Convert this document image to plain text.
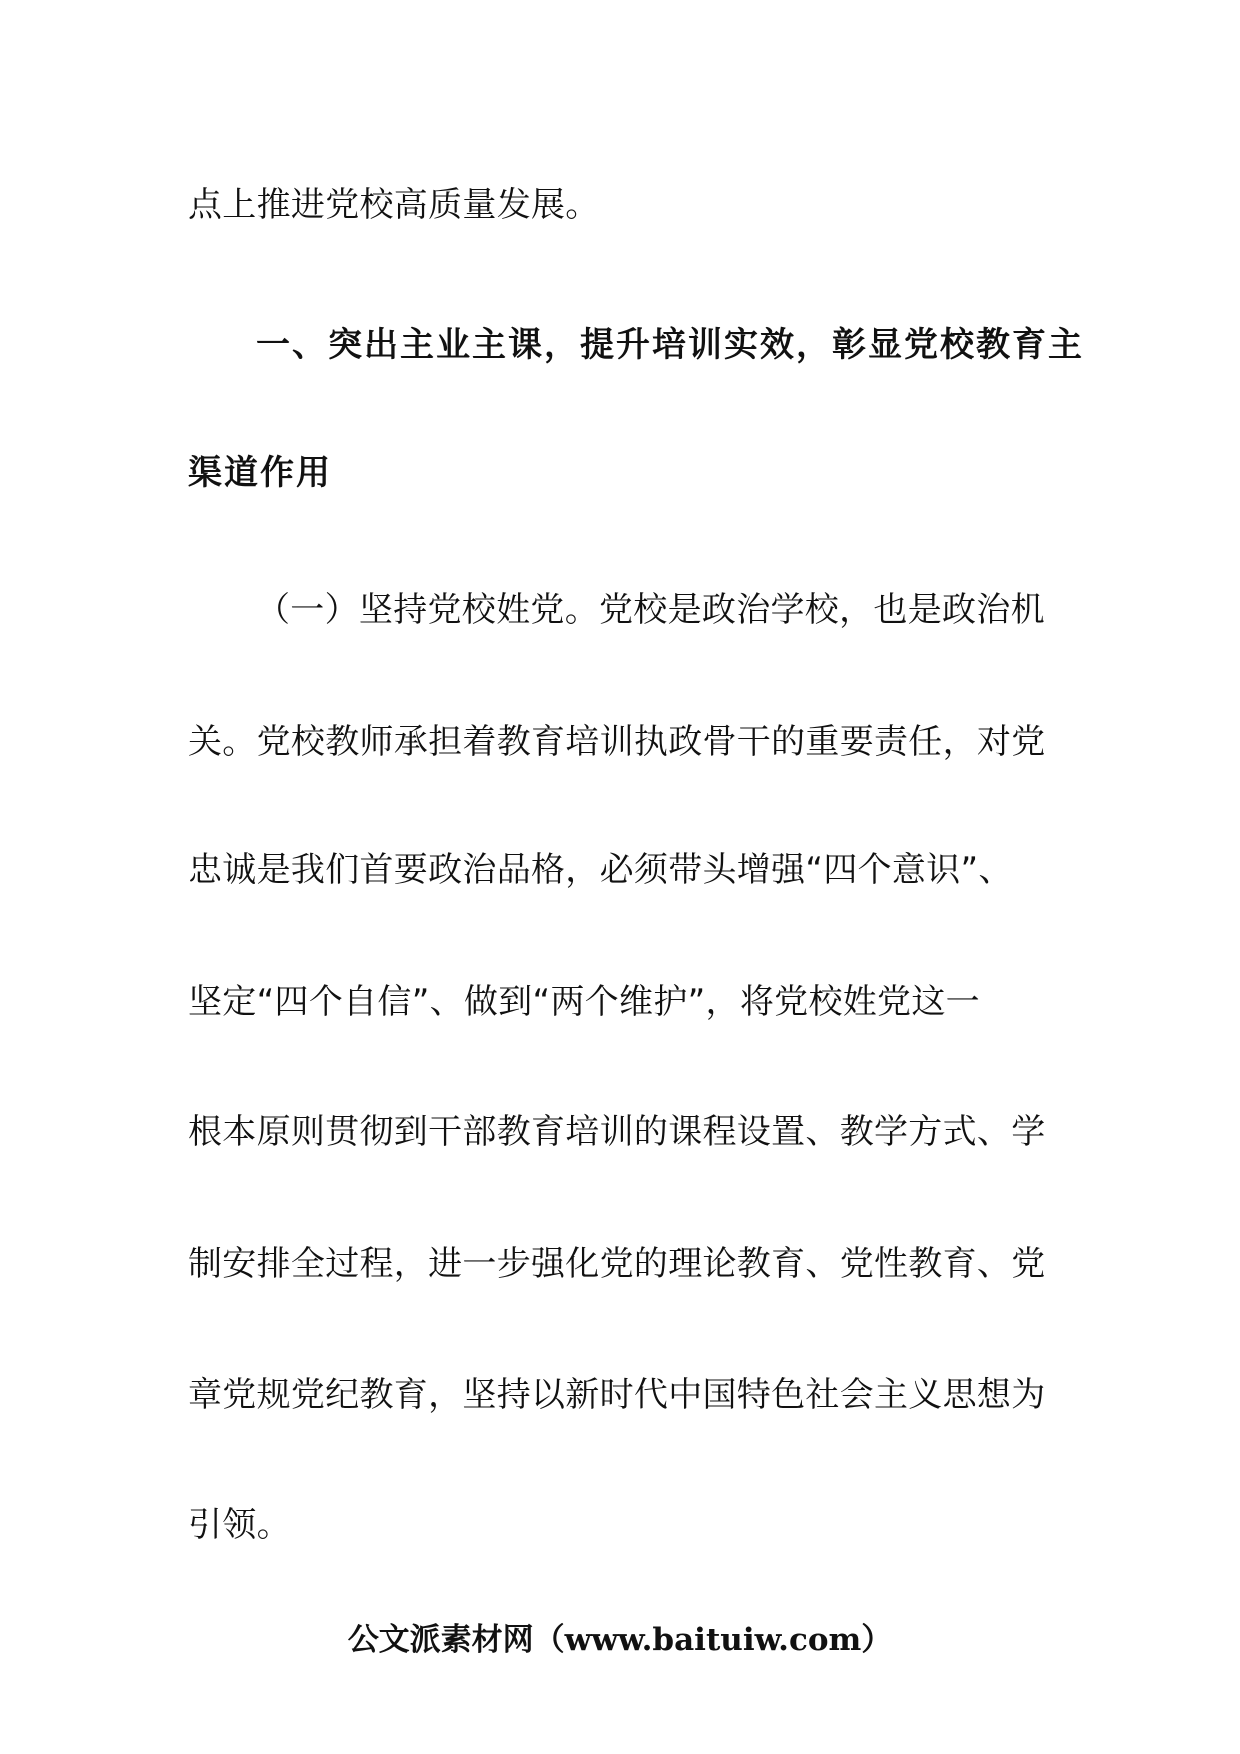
点上推进党校高质量发展。
一、突出主业主课，提升培训实效，彰显党校教育主
渠道作用
（一）坚持党校姓党。党校是政治学校，也是政治机
关。党校教师承担着教育培训执政骨干的重要责任，对党
忠诚是我们首要政治品格，必须带头增强“四个意识”、
坚定“四个自信”、做到“两个维护”，将党校姓党这一
根本原则贯彻到干部教育培训的课程设置、教学方式、学
制安排全过程，进一步强化党的理论教育、党性教育、党
章党规党纪教育，坚持以新时代中国特色社会主义思想为
引领。
公文派素材网（www.baituiw.com）
